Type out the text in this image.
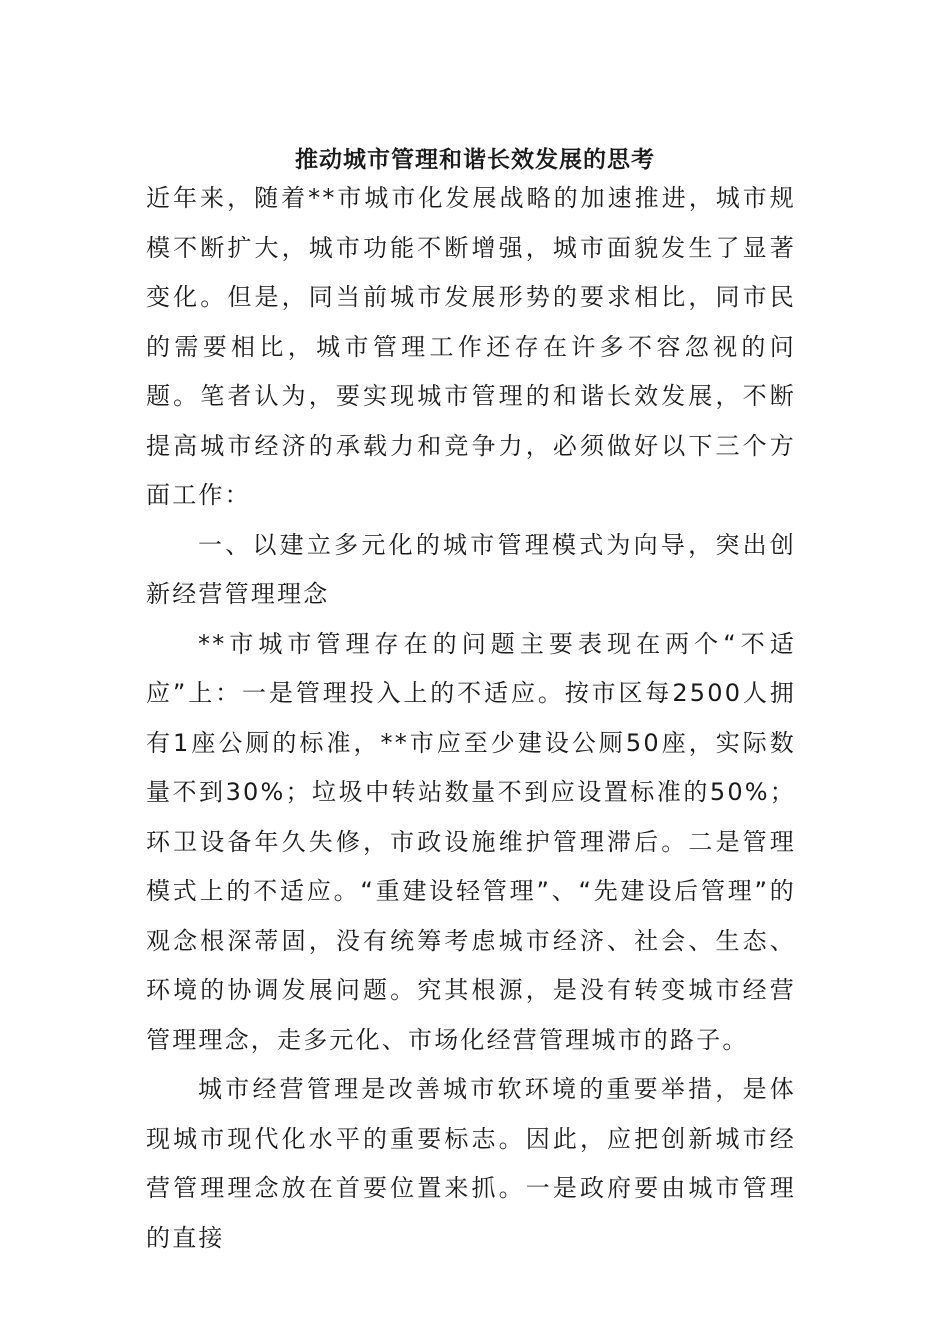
推动城市管理和谐长效发展的思考

近年来，随着**市城市化发展战略的加速推进，城市规模不断扩大，城市功能不断增强，城市面貌发生了显著变化。但是，同当前城市发展形势的要求相比，同市民的需要相比，城市管理工作还存在许多不容忽视的问题。笔者认为，要实现城市管理的和谐长效发展，不断提高城市经济的承载力和竞争力，必须做好以下三个方面工作：

一、以建立多元化的城市管理模式为向导，突出创新经营管理理念

**市城市管理存在的问题主要表现在两个“不适应”上：一是管理投入上的不适应。按市区每2500人拥有1座公厕的标准，**市应至少建设公厕50座，实际数量不到30%；垃圾中转站数量不到应设置标准的50%；环卫设备年久失修，市政设施维护管理滞后。二是管理模式上的不适应。“重建设轻管理”、“先建设后管理”的观念根深蒂固，没有统筹考虑城市经济、社会、生态、环境的协调发展问题。究其根源，是没有转变城市经营管理理念，走多元化、市场化经营管理城市的路子。

城市经营管理是改善城市软环境的重要举措，是体现城市现代化水平的重要标志。因此，应把创新城市经营管理理念放在首要位置来抓。一是政府要由城市管理的直接
